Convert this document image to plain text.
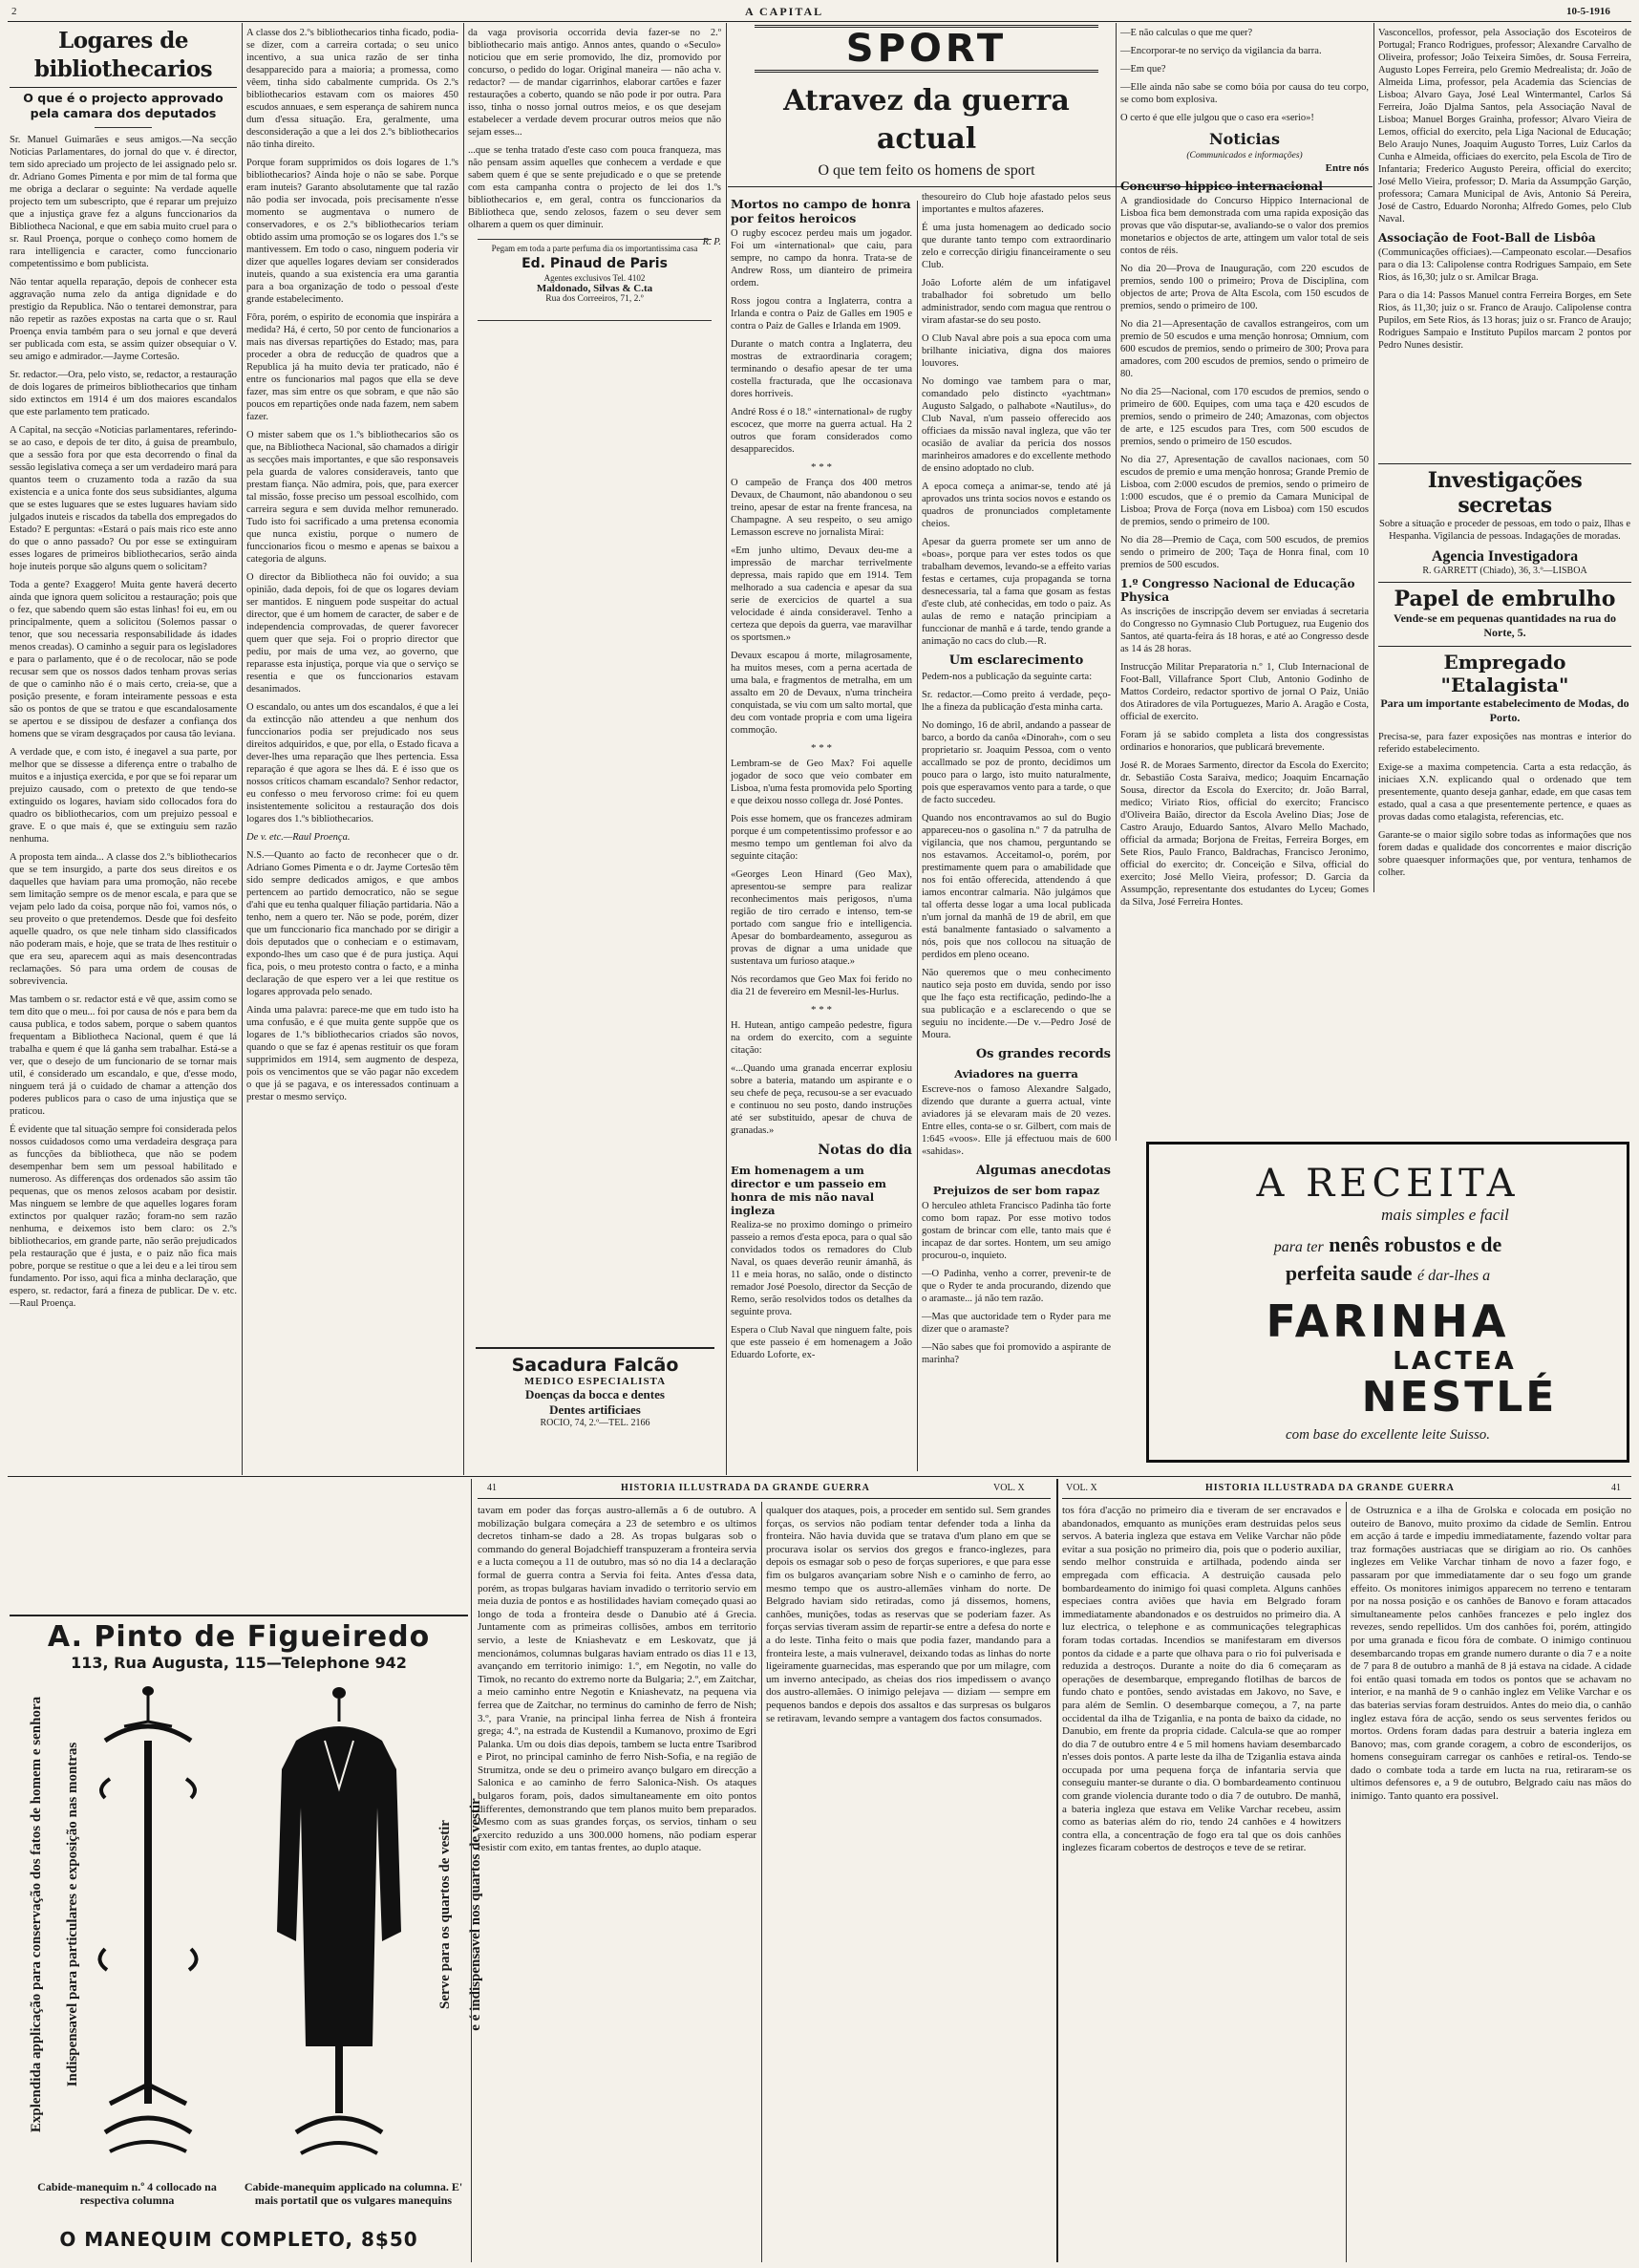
2	A CAPITAL	10-5-1916
Logares de bibliothecarios

O que é o projecto approvado pela camara dos deputados

Sr. Manuel Guimarães e seus amigos.—Na secção Noticias Parlamentares, do jornal do que v. é director, tem sido apreciado um projecto de lei assignado pelo sr. dr. Adriano Gomes Pimenta e por mim de tal forma que me obriga a declarar o seguinte: Na verdade aquelle projecto tem um subescripto, que é reparar um prejuizo que a injustiça grave fez a alguns funccionarios da Bibliotheca Nacional, e que em sabia muito cruel para o sr. Raul Proença, porque o conheço como homem de rara intelligencia e caracter, como funccionario competentissimo e bom publicista.

Não tentar aquella reparação, depois de conhecer esta aggravação numa zelo da antiga dignidade e do prestigio da Republica. Não o tentarei demonstrar, para não repetir as razões expostas na carta que o sr. Raul Proença envia também para o seu jornal e que deverá ser publicada com esta, se assim quizer obsequiar o V. seu amigo e admirador.—Jayme Cortesão.

Sr. redactor.—Ora, pelo visto, se, redactor, a restauração de dois logares de primeiros bibliothecarios que tinham sido extinctos em 1914 é um dos maiores escandalos que este parlamento tem praticado.

A Capital, na secção «Noticias parlamentares, referindo-se ao caso, e depois de ter dito, á guisa de preambulo, que a sessão fora por que esta decorrendo o final da sessão legislativa começa a ser um verdadeiro mará para quantos teem o cruzamento toda a razão da sua existencia e a unica fonte dos seus subsidiantes, alguma que se estes luguares que se estes luguares haviam sido julgados inuteis e riscados da tabella dos empregados do Estado? E perguntas: «Estará o país mais rico este anno do que o anno passado? Ou por esse se extinguiram esses logares de primeiros bibliothecarios, serão ainda hoje inuteis porque são alguns quem o solicitam?

Toda a gente? Exaggero! Muita gente haverá decerto ainda que ignora quem solicitou a restauração; pois que o fez, que sabendo quem são estas linhas! foi eu, em ou principalmente, quem a solicitou (Solemos passar o tenor, que sou necessaria responsabilidade ás idades menos creadas). O caminho a seguir para os legisladores e para o parlamento, que é o de recolocar, não se pode recusar sem que os nossos dados tenham provas serias de que o caminho não é o mais certo, creia-se, que a posição presente, e foram inteiramente pessoas e esta são os pontos de que se tratou e que escandalosamente se apertou e se dissipou de desfazer a confiança dos homens que se viram desgraçados por causa tão leviana.

A verdade que, e com isto, é inegavel a sua parte, por melhor que se dissesse a diferença entre o trabalho de muitos e a injustiça exercida, e por que se foi reparar um prejuizo causado, com o pretexto de que tendo-se extinguido os logares, haviam sido collocados fora do quadro os bibliothecarios, com um prejuizo pessoal e grave. E o que mais é, que se extinguiu sem razão nenhuma.

A proposta tem ainda... A classe dos 2.ºs bibliothecarios que se tem insurgido, a parte dos seus direitos e os daquelles que haviam para uma promoção, não recebe sem limitação sempre os de menor escala, e para que se vejam pelo lado da coisa, porque não foi, vamos nós, o seu proveito o que pretendemos. Desde que foi desfeito aquelle quadro, os que nele tinham sido classificados não poderam mais, e hoje, que se trata de lhes restituir o que era seu, aparecem aqui as mais desencontradas reclamações. Só para uma ordem de cousas de sobrevivencia.

Mas tambem o sr. redactor está e vê que, assim como se tem dito que o meu... foi por causa de nós e para bem da causa publica, e todos sabem, porque o sabem quantos frequentam a Bibliotheca Nacional, quem é que lá trabalha e quem é que lá ganha sem trabalhar. Está-se a ver, que o desejo de um funcionario de se tornar mais util, é considerado um escandalo, e que, d'esse modo, ninguem terá já o cuidado de chamar a attenção dos poderes publicos para o caso de uma injustiça que se praticou.

É evidente que tal situação sempre foi considerada pelos nossos cuidadosos como uma verdadeira desgraça para as funcções da bibliotheca, que não se podem desempenhar bem sem um pessoal habilitado e numeroso. As differenças dos ordenados são assim tão pequenas, que os menos zelosos acabam por desistir. Mas ninguem se lembre de que aquelles logares foram extinctos por qualquer razão; foram-no sem razão nenhuma, e deixemos isto bem claro: os 2.ºs bibliothecarios, em grande parte, não serão prejudicados pela restauração que é justa, e o paiz não fica mais pobre, porque se restitue o que a lei deu e a lei tirou sem fundamento. Por isso, aqui fica a minha declaração, que espero, sr. redactor, fará a fineza de publicar. De v. etc.—Raul Proença.

A classe dos 2.ºs bibliothecarios tinha ficado, podia-se dizer, com a carreira cortada; o seu unico incentivo, a sua unica razão de ser tinha desapparecido para a maioria; a promessa, como vêem, tinha sido cabalmente cumprida. Os 2.ºs bibliothecarios estavam com os maiores 450 escudos annuaes, e sem esperança de sahirem nunca dum d'essa situação. Era, geralmente, uma desconsideração a que a lei dos 2.ºs bibliothecarios não tinha direito.

Porque foram supprimidos os dois logares de 1.ºs bibliothecarios? Ainda hoje o não se sabe. Porque eram inuteis? Garanto absolutamente que tal razão não podia ser invocada, pois precisamente n'esse momento se augmentava o numero de conservadores, e os 2.ºs bibliothecarios teriam obtido assim uma promoção se os logares dos 1.ºs se mantivessem. Em todo o caso, ninguem poderia vir dizer que aquelles logares deviam ser considerados inuteis, quando a sua existencia era uma garantia para a boa organização de todo o pessoal d'este grande estabelecimento.

Fôra, porém, o espirito de economia que inspirára a medida? Há, é certo, 50 por cento de funcionarios a mais nas diversas repartições do Estado; mas, para proceder a obra de reducção de quadros que a Republica já ha muito devia ter praticado, não é entre os funcionarios mal pagos que ella se deve fazer, mas sim entre os que sobram, e que não são poucos em repartições onde nada fazem, nem sabem fazer.

O mister sabem que os 1.ºs bibliothecarios são os que, na Bibliotheca Nacional, são chamados a dirigir as secções mais importantes, e que são responsaveis pela guarda de valores consideraveis, tanto que prestam fiança. Não admira, pois, que, para exercer tal missão, fosse preciso um pessoal escolhido, com carreira segura e sem duvida melhor remunerado. Tudo isto foi sacrificado a uma pretensa economia que nunca existiu, porque o numero de funccionarios ficou o mesmo e apenas se baixou a categoria de alguns.

O director da Bibliotheca não foi ouvido; a sua opinião, dada depois, foi de que os logares deviam ser mantidos. E ninguem pode suspeitar do actual director, que é um homem de caracter, de saber e de independencia comprovadas, de querer favorecer quem quer que seja. Foi o proprio director que pediu, por mais de uma vez, ao governo, que reparasse esta injustiça, porque via que o serviço se resentia e que os funccionarios estavam desanimados.

O escandalo, ou antes um dos escandalos, é que a lei da extincção não attendeu a que nenhum dos funccionarios podia ser prejudicado nos seus direitos adquiridos, e que, por ella, o Estado ficava a dever-lhes uma reparação que lhes pertencia. Essa reparação é que agora se lhes dá. E é isso que os nossos críticos chamam escandalo? Senhor redactor, eu confesso o meu fervoroso crime: foi eu quem insistentemente solicitou a restauração dos dois logares dos 1.ºs bibliothecarios.

De v. etc.—Raul Proença.

N.S.—Quanto ao facto de reconhecer que o dr. Adriano Gomes Pimenta e o dr. Jayme Cortesão têm sido sempre dedicados amigos, e que ambos pertencem ao partido democratico, não se segue d'ahi que eu tenha qualquer filiação partidaria. Não a tenho, nem a quero ter. Não se pode, porém, dizer que um funccionario fica manchado por se dirigir a dois deputados que o conheciam e o estimavam, expondo-lhes um caso que é de pura justiça. Aqui fica, pois, o meu protesto contra o facto, e a minha declaração de que espero ver a lei que restitue os logares approvada pelo senado.

Ainda uma palavra: parece-me que em tudo isto ha uma confusão, e é que muita gente suppõe que os logares de 1.ºs bibliothecarios criados são novos, quando o que se faz é apenas restituir os que foram supprimidos em 1914, sem augmento de despeza, pois os vencimentos que se vão pagar não excedem o que já se pagava, e os interessados continuam a prestar o mesmo serviço.

da vaga provisoria occorrida devia fazer-se no 2.º bibliothecario mais antigo. Annos antes, quando o «Seculo» noticiou que em serie promovido, lhe diz, promovido por concurso, o pedido do logar. Original maneira — não acha v. redactor? — de mandar cigarrinhos, elaborar cartões e fazer restaurações a coberto, quando se não pode ir por outra. Para isso, tinha o nosso jornal outros meios, e os que desejam estabelecer a verdade devem procurar outros meios que não sejam esses...

...que se tenha tratado d'este caso com pouca franqueza, mas não pensam assim aquelles que conhecem a verdade e que sabem quem é que se sente prejudicado e o que se pretende com esta campanha contra o projecto de lei dos 1.ºs bibliothecarios e, em geral, contra os funccionarios da Bibliotheca que, sendo zelosos, fazem o seu dever sem olharem a quem os quer diminuir.

R. P.

Pegam em toda a parte perfuma dia os importantissima casa
Ed. Pinaud de Paris
Agentes exclusivos Tel. 4102
Maldonado, Silvas & C.ta
Rua dos Correeiros, 71, 2.º
Sacadura Falcão
MEDICO ESPECIALISTA
Doenças da bocca e dentes
Dentes artificiaes
ROCIO, 74, 2.º—TEL. 2166
SPORT
Atravez da guerra actual
O que tem feito os homens de sport

Mortos no campo de honra por feitos heroicos

O rugby escocez perdeu mais um jogador. Foi um «international» que caiu, para sempre, no campo da honra. Trata-se de Andrew Ross, um dianteiro de primeira ordem.

Ross jogou contra a Inglaterra, contra a Irlanda e contra o Paiz de Galles em 1905 e contra o Paiz de Galles e Irlanda em 1909.

Durante o match contra a Inglaterra, deu mostras de extraordinaria coragem; terminando o desafio apesar de ter uma costella fracturada, que lhe occasionava dores horriveis.

André Ross é o 18.º «international» de rugby escocez, que morre na guerra actual. Ha 2 outros que foram considerados como desapparecidos.

* * *

O campeão de França dos 400 metros Devaux, de Chaumont, não abandonou o seu treino, apesar de estar na frente francesa, na Champagne. A seu respeito, o seu amigo Lemasson escreve no jornalista Mirai:

«Em junho ultimo, Devaux deu-me a impressão de marchar terrivelmente depressa, mais rapido que em 1914. Tem melhorado a sua cadencia e apesar da sua serie de exercicios de quartel a sua velocidade é ainda consideravel. Tenho a certeza que depois da guerra, vae maravilhar os sportsmen.»

Devaux escapou á morte, milagrosamente, ha muitos meses, com a perna acertada de uma bala, e fragmentos de metralha, em um assalto em 20 de Devaux, n'uma trincheira conquistada, se viu com um salto mortal, que deu com vontade propria e com uma ligeira commoção.

* * *

Lembram-se de Geo Max? Foi aquelle jogador de soco que veio combater em Lisboa, n'uma festa promovida pelo Sporting e que deixou nosso collega dr. José Pontes.

Pois esse homem, que os francezes admiram porque é um competentissimo professor e ao mesmo tempo um gentleman foi alvo da seguinte citação:

«Georges Leon Hinard (Geo Max), apresentou-se sempre para realizar reconhecimentos mais perigosos, n'uma região de tiro cerrado e intenso, tem-se portado com sangue frio e intelligencia. Apesar do bombardeamento, assegurou as provas de dignar a uma unidade que sustentava um furioso ataque.»

Nós recordamos que Geo Max foi ferido no dia 21 de fevereiro em Mesnil-les-Hurlus.

* * *

H. Hutean, antigo campeão pedestre, figura na ordem do exercito, com a seguinte citação:

«...Quando uma granada encerrar explosiu sobre a bateria, matando um aspirante e o seu chefe de peça, recusou-se a ser evacuado e continuou no seu posto, dando instruções até ser substituido, apesar de chuva de granadas.»

Notas do dia

Em homenagem a um director e um passeio em honra de mis não naval ingleza

Realiza-se no proximo domingo o primeiro passeio a remos d'esta epoca, para o qual são convidados todos os remadores do Club Naval, os quaes deverão reunir ámanhã, ás 11 e meia horas, no salão, onde o distincto remador José Poesolo, director da Secção de Remo, serão resolvidos todos os detalhes da seguinte prova.

Espera o Club Naval que ninguem falte, pois que este passeio é em homenagem a João Eduardo Loforte, ex-

thesoureiro do Club hoje afastado pelos seus importantes e multos afazeres.

É uma justa homenagem ao dedicado socio que durante tanto tempo com extraordinario zelo e correcção dirigiu financeiramente o seu Club.

João Loforte além de um infatigavel trabalhador foi sobretudo um bello administrador, sendo com magua que rentrou o viram afastar-se do seu posto.

O Club Naval abre pois a sua epoca com uma brilhante iniciativa, digna dos maiores louvores.

No domingo vae tambem para o mar, comandado pelo distincto «yachtman» Augusto Salgado, o palhabote «Nautilus», do Club Naval, n'um passeio offerecido aos officiaes da missão naval ingleza, que vão ter ocasião de avaliar da pericia dos nossos marinheiros amadores e do excellente methodo de ensino adoptado no club.

A epoca começa a animar-se, tendo até já aprovados uns trinta socios novos e estando os quadros de pronunciados completamente cheios.

Apesar da guerra promete ser um anno de «boas», porque para ver estes todos os que trabalham devemos, levando-se a effeito varias festas e certames, cuja propaganda se torna desnecessaria, tal a fama que gosam as festas d'este club, até conhecidas, em todo o paiz. As aulas de remo e natação principiam a funccionar de manhã e á tarde, tendo grande a animação no cacs do club.—R.

Um esclarecimento

Pedem-nos a publicação da seguinte carta:

Sr. redactor.—Como preito á verdade, peço-lhe a fineza da publicação d'esta minha carta.

No domingo, 16 de abril, andando a passear de barco, a bordo da canôa «Dinorah», com o seu proprietario sr. Joaquim Pessoa, com o vento accallmado se poz de pronto, decidimos um pouco para o largo, isto muito naturalmente, pois que esperavamos vento para a tarde, o que de facto succedeu.

Quando nos encontravamos ao sul do Bugio appareceu-nos o gasolina n.º 7 da patrulha de vigilancia, que nos chamou, perguntando se nos estavamos. Acceitamol-o, porém, por prestimamente quem para o amabilidade que nos foi então offerecida, attendendo á que iamos encontrar calmaria. Não julgámos que tal offerta desse logar a uma local publicada n'um jornal da manhã de 19 de abril, em que está banalmente fantasiado o salvamento a nós, pois que nos collocou na situação de perdidos em pleno oceano.

Não queremos que o meu conhecimento nautico seja posto em duvida, sendo por isso que lhe faço esta rectificação, pedindo-lhe a sua publicação e a esclarecendo o que se seguiu no incidente.—De v.—Pedro José de Moura.

Os grandes records

Aviadores na guerra

Escreve-nos o famoso Alexandre Salgado, dizendo que durante a guerra actual, vinte aviadores já se elevaram mais de 20 vezes. Entre elles, conta-se o sr. Gilbert, com mais de 1:645 «voos». Elle já effectuou mais de 600 «sahidas».

Algumas anecdotas

Prejuizos de ser bom rapaz

O herculeo athleta Francisco Padinha tão forte como bom rapaz. Por esse motivo todos gostam de brincar com elle, tanto mais que é incapaz de dar sortes. Hontem, um seu amigo procurou-o, inquieto.

—O Padinha, venho a correr, prevenir-te de que o Ryder te anda procurando, dizendo que o aramaste... já não tem razão.

—Mas que auctoridade tem o Ryder para me dizer que o aramaste?

—Não sabes que foi promovido a aspirante de marinha?

—E não calculas o que me quer?

—Encorporar-te no serviço da vigilancia da barra.

—Em que?

—Elle ainda não sabe se como bóia por causa do teu corpo, se como bom explosiva.

O certo é que elle julgou que o caso era «serio»!

Noticias

(Communicados e informações)

Entre nós

Concurso hippico internacional

A grandiosidade do Concurso Hippico Internacional de Lisboa fica bem demonstrada com uma rapida exposição das provas que vão disputar-se, avaliando-se o valor dos premios monetarios e objectos de arte, attingem um valor total de seis contos de réis.

No dia 20—Prova de Inauguração, com 220 escudos de premios, sendo 100 o primeiro; Prova de Disciplina, com objectos de arte; Prova de Alta Escola, com 150 escudos de premios, sendo o primeiro de 100.

No dia 21—Apresentação de cavallos estrangeiros, com um premio de 50 escudos e uma menção honrosa; Omnium, com 600 escudos de premios, sendo o primeiro de 300; Prova para amadores, com 200 escudos de premios, sendo o primeiro de 80.

No dia 25—Nacional, com 170 escudos de premios, sendo o primeiro de 600. Equipes, com uma taça e 420 escudos de premios, sendo o primeiro de 240; Amazonas, com objectos de arte, e 125 escudos para Tres, com 500 escudos de premios, sendo o primeiro de 150 escudos.

No dia 27, Apresentação de cavallos nacionaes, com 50 escudos de premio e uma menção honrosa; Grande Premio de Lisboa, com 2:000 escudos de premios, sendo o primeiro de 1:000 escudos, que é o premio da Camara Municipal de Lisboa; Prova de Força (nova em Lisboa) com 150 escudos de premios, sendo o primeiro de 100.

No dia 28—Premio de Caça, com 500 escudos, de premios sendo o primeiro de 200; Taça de Honra final, com 10 premios de 500 escudos.

1.º Congresso Nacional de Educação Physica

As inscrições de inscripção devem ser enviadas á secretaria do Congresso no Gymnasio Club Portuguez, rua Eugenio dos Santos, até quarta-feira ás 18 horas, e até ao Congresso desde as 14 ás 28 horas.

Instrucção Militar Preparatoria n.º 1, Club Internacional de Foot-Ball, Villafrance Sport Club, Antonio Godinho de Mattos Cordeiro, redactor sportivo de jornal O Paiz, União dos Atiradores de vila Portuguezes, Mario A. Aragão e Costa, official de exercito.

Foram já se sabido completa a lista dos congressistas ordinarios e honorarios, que publicará brevemente.

José R. de Moraes Sarmento, director da Escola do Exercito; dr. Sebastião Costa Saraiva, medico; Joaquim Encarnação Sousa, director da Escola do Exercito; dr. João Barral, medico; Viriato Rios, official do exercito; Francisco d'Oliveira Baião, director da Escola Avelino Dias; Jose de Castro Araujo, Eduardo Santos, Alvaro Mello Machado, official da armada; Borjona de Freitas, Ferreira Borges, em Sete Rios, Paulo Franco, Baldrachas, Francisco Jeronimo, official do exercito; dr. Conceição e Silva, official do exercito; José Mello Vieira, professor; D. Garcia da Assumpção, representante dos estudantes do Lyceu; Gomes da Silva, José Ferreira Hontes.

Vasconcellos, professor, pela Associação dos Escoteiros de Portugal; Franco Rodrigues, professor; Alexandre Carvalho de Oliveira, professor; João Teixeira Simões, dr. Sousa Ferreira, Augusto Lopes Ferreira, pelo Gremio Medrealista; dr. João de Almeida Lima, professor, pela Academia das Sciencias de Lisboa; Alvaro Gaya, José Leal Wintermantel, Carlos Sá Ferreira, João Djalma Santos, pela Associação Naval de Lisboa; Manuel Borges Grainha, professor; Alvaro Vieira de Lemos, official do exercito, pela Liga Nacional de Educação; Belo Araujo Nunes, Joaquim Augusto Torres, Luiz Carlos da Cunha e Almeida, officiaes do exercito, pela Escola de Tiro de Infantaria; Frederico Augusto Pereira, official do exercito; José Mello Vieira, professor; D. Maria da Assumpção Garção, professora; Camara Municipal de Avis, Antonio Sá Pereira, José de Castro, Eduardo Noronha; Alfredo Gomes, pelo Club Naval.

Associação de Foot-Ball de Lisbôa

(Communicações officiaes).—Campeonato escolar.—Desafios para o dia 13: Calipolense contra Rodrigues Sampaio, em Sete Rios, ás 16,30; julz o sr. Amilcar Braga.

Para o dia 14: Passos Manuel contra Ferreira Borges, em Sete Rios, ás 11,30; juiz o sr. Franco de Araujo. Calipolense contra Pupilos, em Sete Rios, ás 13 horas; juiz o sr. Franco de Araujo; Rodrigues Sampaio e Instituto Pupilos marcam 2 pontos por Pedro Nunes desistir.

Investigações secretas

Sobre a situação e proceder de pessoas, em todo o paiz, Ilhas e Hespanha. Vigilancia de pessoas. Indagações de moradas.

Agencia Investigadora
R. GARRETT (Chiado), 36, 3.º—LISBOA
Papel de embrulho

Vende-se em pequenas quantidades na rua do Norte, 5.

Empregado "Etalagista"

Para um importante estabelecimento de Modas, do Porto.

Precisa-se, para fazer exposições nas montras e interior do referido estabelecimento.

Exige-se a maxima competencia. Carta a esta redacção, ás iniciaes X.N. explicando qual o ordenado que tem presentemente, quanto deseja ganhar, edade, em que casas tem estado, qual a casa a que presentemente pertence, e quaes as provas dadas como etalagista, referencias, etc.

Garante-se o maior sigilo sobre todas as informações que nos forem dadas e qualidade dos concorrentes e maior discrição sobre quaesquer informações que, por ventura, tenhamos de colher.

A RECEITA
mais simples e facil
para ter nenês robustos e de
perfeita saude é dar-lhes a
FARINHA
LACTEA
NESTLÉ
com base do excellente leite Suisso.
A. Pinto de Figueiredo
113, Rua Augusta, 115—Telephone 942
Explendida applicação para conservação dos fatos de homem e senhora	Indispensavel para particulares e exposição nas montras	Serve para os quartos de vestir	e é indispensavel nos quartos de vestir
Cabide-manequim n.º 4 collocado na respectiva columna
Cabide-manequim applicado na columna. E' mais portatil que os vulgares manequins
O MANEQUIM COMPLETO, 8$50
41	HISTORIA ILLUSTRADA DA GRANDE GUERRA	VOL. X

tavam em poder das forças austro-allemãs a 6 de outubro. A mobilização bulgara começára a 23 de setembro e os ultimos decretos tinham-se dado a 28. As tropas bulgaras sob o commando do general Bojadchieff transpuzeram a fronteira servia e a lucta começou a 11 de outubro, mas só no dia 14 a declaração formal de guerra contra a Servia foi feita. Antes d'essa data, porém, as tropas bulgaras haviam invadido o territorio servio em meia duzia de pontos e as hostilidades haviam começado quasi ao longo de toda a fronteira desde o Danubio até á Grecia. Juntamente com as primeiras collisões, ambos em territorio servio, a leste de Kniashevatz e em Leskovatz, que já mencionámos, columnas bulgaras haviam entrado os dias 11 e 13, avançando em territorio inimigo: 1.º, em Negotin, no valle do Timok, no recanto do extremo norte da Bulgaria; 2.º, em Zaitchar, a meio caminho entre Negotin e Kniashevatz, na pequena via ferrea que de Zaitchar, no terminus do caminho de ferro de Nish; 3.º, para Vranie, na principal linha ferrea de Nish á fronteira grega; 4.º, na estrada de Kustendil a Kumanovo, proximo de Egri Palanka. Um ou dois dias depois, tambem se lucta entre Tsaribrod e Pirot, no principal caminho de ferro Nish-Sofia, e na região de Strumitza, onde se deu o primeiro avanço bulgaro em direcção a Salonica e ao caminho de ferro Salonica-Nish. Os ataques bulgaros foram, pois, dados simultaneamente em oito pontos differentes, demonstrando que tem planos muito bem preparados. Mesmo com as suas grandes forças, os servios, tinham o seu exercito reduzido a uns 300.000 homens, não podiam esperar resistir com exito, em tantas frentes, ao duplo ataque.

qualquer dos ataques, pois, a proceder em sentido sul. Sem grandes forças, os servios não podiam tentar defender toda a linha da fronteira. Não havia duvida que se tratava d'um plano em que se procurava isolar os servios dos gregos e franco-inglezes, para depois os esmagar sob o peso de forças superiores, e que para esse fim os bulgaros avançariam sobre Nish e o caminho de ferro, ao mesmo tempo que os austro-allemães vinham do norte. De Belgrado haviam sido retiradas, como já dissemos, homens, canhões, munições, todas as reservas que se poderiam fazer. As forças servias tiveram assim de repartir-se entre a defesa do norte e a do leste. Tinha feito o mais que podia fazer, mandando para a fronteira leste, a mais vulneravel, deixando todas as linhas do norte ligeiramente guarnecidas, mas esperando que por um milagre, com um inverno antecipado, as cheias dos rios impedissem o avanço dos austro-allemães. O inimigo pelejava — diziam — sempre em pequenos bandos e depois dos assaltos e das surpresas os bulgaros se retiravam, levando sempre a vantagem dos factos consumados.

VOL. X	HISTORIA ILLUSTRADA DA GRANDE GUERRA	41

tos fóra d'acção no primeiro dia e tiveram de ser encravados e abandonados, emquanto as munições eram destruidas pelos seus servos. A bateria ingleza que estava em Velike Varchar não pôde evitar a sua posição no primeiro dia, pois que o poderio auxiliar, sendo melhor construida e artilhada, podendo ainda ser empregada com efficacia. A destruição causada pelo bombardeamento do inimigo foi quasi completa. Alguns canhões especiaes contra aviões que havia em Belgrado foram immediatamente abandonados e os destruidos no primeiro dia. A luz electrica, o telephone e as communicações telegraphicas foram todas cortadas. Incendios se manifestaram em diversos pontos da cidade e a parte que olhava para o rio foi pulverisada e reduzida a destroços. Durante a noite do dia 6 começaram as operações de desembarque, empregando flotilhas de barcos de fundo chato e pontões, sendo avistadas em Jakovo, no Save, e para além de Semlin. O desembarque começou, a 7, na parte occidental da ilha de Tziganlia, e na ponta de baixo da cidade, no Danubio, em frente da propria cidade. Calcula-se que ao romper do dia 7 de outubro entre 4 e 5 mil homens haviam desembarcado n'esses dois pontos. A parte leste da ilha de Tziganlia estava ainda occupada por uma pequena força de infantaria servia que conseguiu manter-se durante o dia. O bombardeamento continuou com grande violencia durante todo o dia 7 de outubro. De manhã, a bateria ingleza que estava em Velike Varchar recebeu, assim como as baterias além do rio, tendo 24 canhões e 4 howitzers contra ella, a concentração de fogo era tal que os dois canhões inglezes ficaram cobertos de destroços e teve de se retirar.

de Ostruznica e a ilha de Grolska e colocada em posição no outeiro de Banovo, muito proximo da cidade de Semlin. Entrou em acção á tarde e impediu immediatamente, fazendo voltar para traz formações austriacas que se dirigiam ao rio. Os canhões inglezes em Velike Varchar tinham de novo a fazer fogo, e passaram por que immediatamente dar o seu fogo um grande effeito. Os monitores inimigos apparecem no terreno e tentaram por na nossa posição e os canhões de Banovo e foram attacados simultaneamente pelos canhões francezes e pelo inglez dos revezes, sendo repellidos. Um dos canhões foi, porém, attingido por uma granada e ficou fóra de combate. O inimigo continuou desembarcando tropas em grande numero durante o dia 7 e a noite de 7 para 8 de outubro a manhã de 8 já estava na cidade. A cidade foi então quasi tomada em todos os pontos que se achavam no interior, e na manhã de 9 o canhão inglez em Velike Varchar e os das baterias servias foram destruidos. Antes do meio dia, o canhão inglez estava fóra de acção, sendo os seus serventes feridos ou mortos. Ordens foram dadas para destruir a bateria ingleza em Banovo; mas, com grande coragem, a cobro de esconderijos, os homens conseguiram carregar os canhões e retiral-os. Tendo-se dado o combate toda a tarde em lucta na rua, retiraram-se os ultimos defensores e, a 9 de outubro, Belgrado caiu nas mãos do inimigo. Tanto quanto era possivel.
